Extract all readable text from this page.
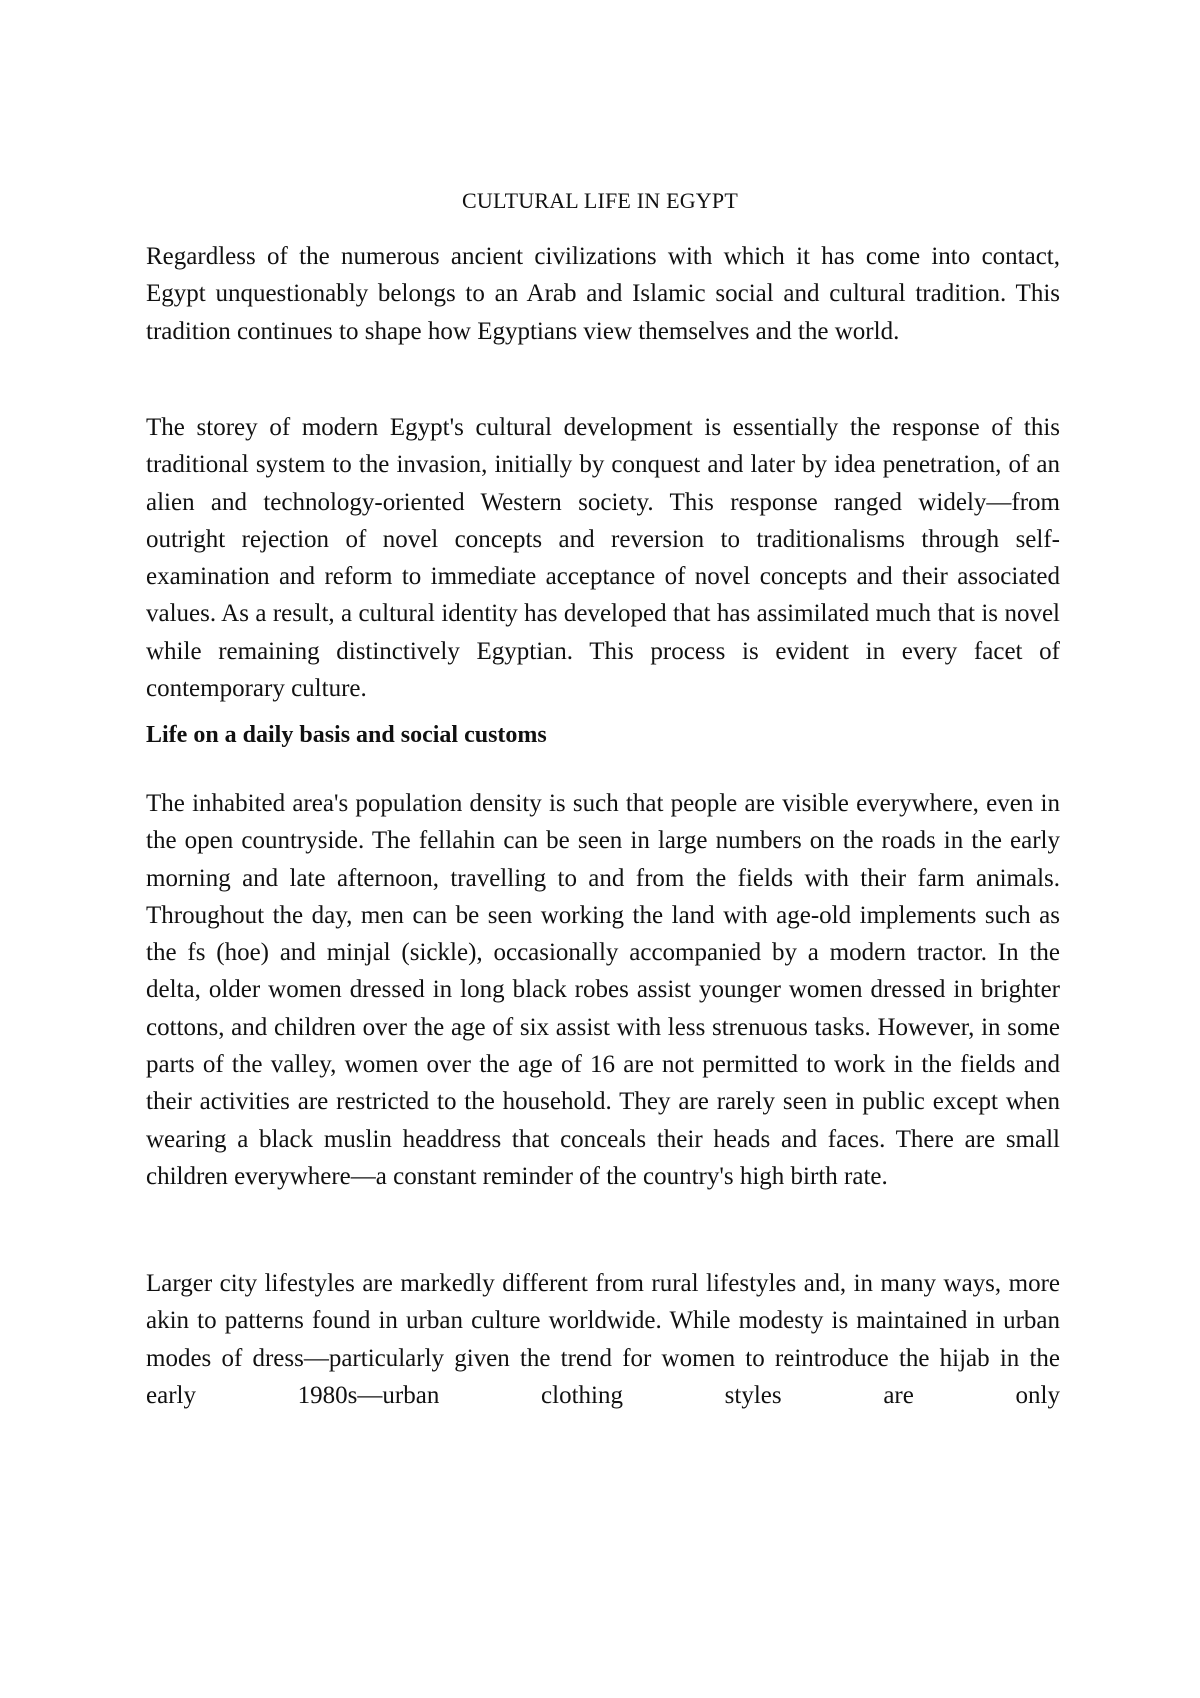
CULTURAL LIFE IN EGYPT

Regardless of the numerous ancient civilizations with which it has come into contact, Egypt unquestionably belongs to an Arab and Islamic social and cultural tradition. This tradition continues to shape how Egyptians view themselves and the world.

The storey of modern Egypt's cultural development is essentially the response of this traditional system to the invasion, initially by conquest and later by idea penetration, of an alien and technology-oriented Western society. This response ranged widely—from outright rejection of novel concepts and reversion to traditionalisms through self-examination and reform to immediate acceptance of novel concepts and their associated values. As a result, a cultural identity has developed that has assimilated much that is novel while remaining distinctively Egyptian. This process is evident in every facet of contemporary culture.

Life on a daily basis and social customs

The inhabited area's population density is such that people are visible everywhere, even in the open countryside. The fellahin can be seen in large numbers on the roads in the early morning and late afternoon, travelling to and from the fields with their farm animals. Throughout the day, men can be seen working the land with age-old implements such as the fs (hoe) and minjal (sickle), occasionally accompanied by a modern tractor. In the delta, older women dressed in long black robes assist younger women dressed in brighter cottons, and children over the age of six assist with less strenuous tasks. However, in some parts of the valley, women over the age of 16 are not permitted to work in the fields and their activities are restricted to the household. They are rarely seen in public except when wearing a black muslin headdress that conceals their heads and faces. There are small children everywhere—a constant reminder of the country's high birth rate.

Larger city lifestyles are markedly different from rural lifestyles and, in many ways, more akin to patterns found in urban culture worldwide. While modesty is maintained in urban modes of dress—particularly given the trend for women to reintroduce the hijab in the early 1980s—urban clothing styles are only
